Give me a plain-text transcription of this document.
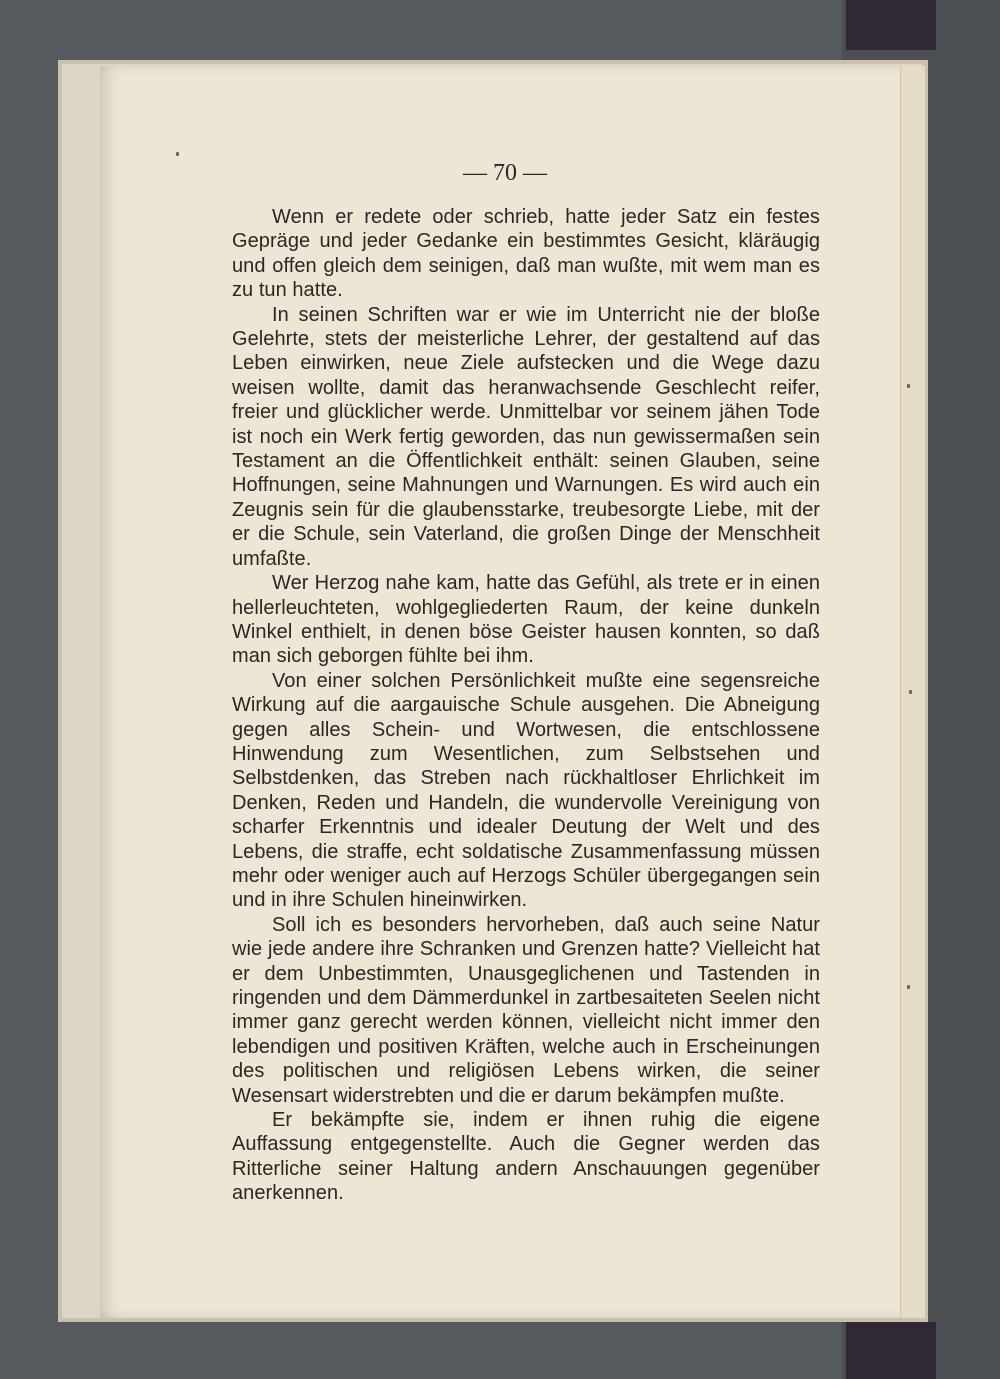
— 70 —

Wenn er redete oder schrieb, hatte jeder Satz ein festes Gepräge und jeder Gedanke ein bestimmtes Gesicht, kläräugig und offen gleich dem seinigen, daß man wußte, mit wem man es zu tun hatte.

In seinen Schriften war er wie im Unterricht nie der bloße Gelehrte, stets der meisterliche Lehrer, der gestaltend auf das Leben einwirken, neue Ziele aufstecken und die Wege dazu weisen wollte, damit das heranwachsende Geschlecht reifer, freier und glücklicher werde. Unmittelbar vor seinem jähen Tode ist noch ein Werk fertig geworden, das nun gewissermaßen sein Testament an die Öffentlichkeit enthält: seinen Glauben, seine Hoffnungen, seine Mahnungen und Warnungen. Es wird auch ein Zeugnis sein für die glaubensstarke, treubesorgte Liebe, mit der er die Schule, sein Vaterland, die großen Dinge der Menschheit umfaßte.

Wer Herzog nahe kam, hatte das Gefühl, als trete er in einen hellerleuchteten, wohlgegliederten Raum, der keine dunkeln Winkel enthielt, in denen böse Geister hausen konnten, so daß man sich geborgen fühlte bei ihm.

Von einer solchen Persönlichkeit mußte eine segensreiche Wirkung auf die aargauische Schule ausgehen. Die Abneigung gegen alles Schein- und Wortwesen, die entschlossene Hinwendung zum Wesentlichen, zum Selbstsehen und Selbstdenken, das Streben nach rückhaltloser Ehrlichkeit im Denken, Reden und Handeln, die wundervolle Vereinigung von scharfer Erkenntnis und idealer Deutung der Welt und des Lebens, die straffe, echt soldatische Zusammenfassung müssen mehr oder weniger auch auf Herzogs Schüler übergegangen sein und in ihre Schulen hineinwirken.

Soll ich es besonders hervorheben, daß auch seine Natur wie jede andere ihre Schranken und Grenzen hatte? Vielleicht hat er dem Unbestimmten, Unausgeglichenen und Tastenden in ringenden und dem Dämmerdunkel in zartbesaiteten Seelen nicht immer ganz gerecht werden können, vielleicht nicht immer den lebendigen und positiven Kräften, welche auch in Erscheinungen des politischen und religiösen Lebens wirken, die seiner Wesensart widerstrebten und die er darum bekämpfen mußte.

Er bekämpfte sie, indem er ihnen ruhig die eigene Auffassung entgegenstellte. Auch die Gegner werden das Ritterliche seiner Haltung andern Anschauungen gegenüber anerkennen.
